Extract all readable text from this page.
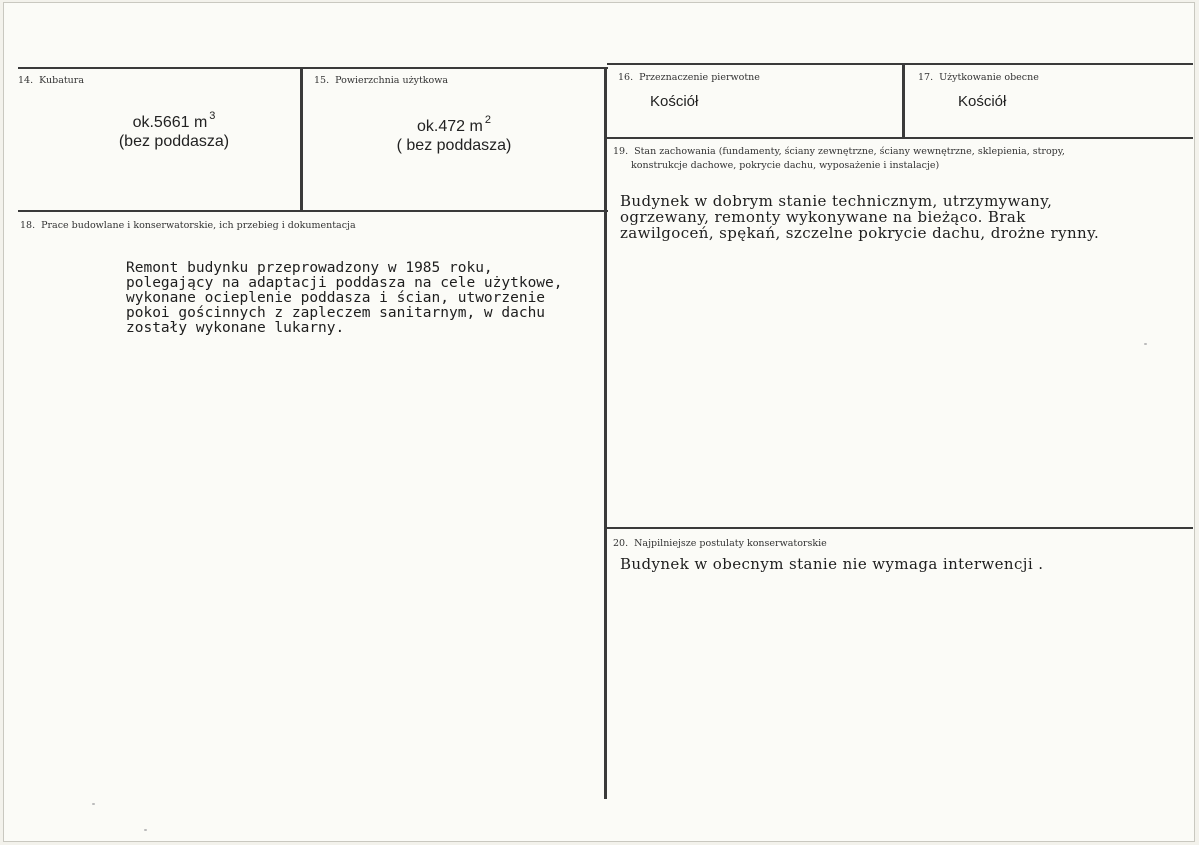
14. Kubatura
ok.5661 m $^3$
(bez poddasza)
15. Powierzchnia użytkowa
ok.472 m $^2$
( bez poddasza)
16. Przeznaczenie pierwotne
Kościół
17. Użytkowanie obecne
Kościół
18. Prace budowlane i konserwatorskie, ich przebieg i dokumentacja
Remont budynku przeprowadzony w 1985 roku,
polegający na adaptacji poddasza na cele użytkowe,
wykonane ocieplenie poddasza i ścian, utworzenie
pokoi gościnnych z zapleczem sanitarnym, w dachu
zostały wykonane lukarny.
19. Stan zachowania (fundamenty, ściany zewnętrzne, ściany wewnętrzne, sklepienia, stropy,
konstrukcje dachowe, pokrycie dachu, wyposażenie i instalacje)
Budynek w dobrym stanie technicznym, utrzymywany,
ogrzewany, remonty wykonywane na bieżąco. Brak
zawilgoceń, spękań, szczelne pokrycie dachu, drożne rynny.
20. Najpilniejsze postulaty konserwatorskie
Budynek w obecnym stanie nie wymaga interwencji .
